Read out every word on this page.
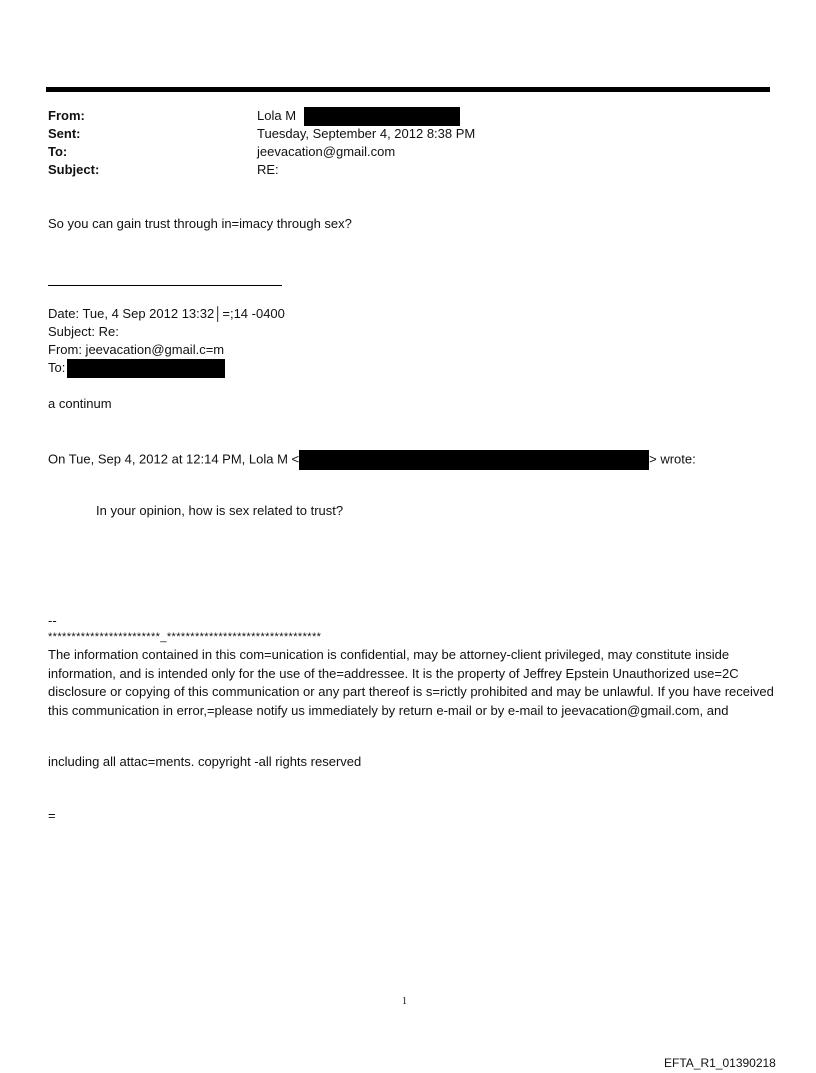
From:	Lola M
Sent:	Tuesday, September 4, 2012 8:38 PM
To:	jeevacation@gmail.com
Subject:	RE:
So you can gain trust through in=imacy through sex?
Date: Tue, 4 Sep 2012 13:32│=;14 -0400
Subject: Re:
From: jeevacation@gmail.c=m
To:
a continum
On Tue, Sep 4, 2012 at 12:14 PM, Lola M <	> wrote:
In your opinion, how is sex related to trust?
--
************************_*********************************
The information contained in this com=unication is confidential, may be attorney-client privileged, may constitute inside information, and is intended only for the use of the=addressee. It is the property of Jeffrey Epstein Unauthorized use=2C disclosure or copying of this communication or any part thereof is s=rictly prohibited and may be unlawful. If you have received this communication in error,=please notify us immediately by return e-mail or by e-mail to jeevacation@gmail.com, and
including all attac=ments. copyright -all rights reserved
=
1
EFTA_R1_01390218
